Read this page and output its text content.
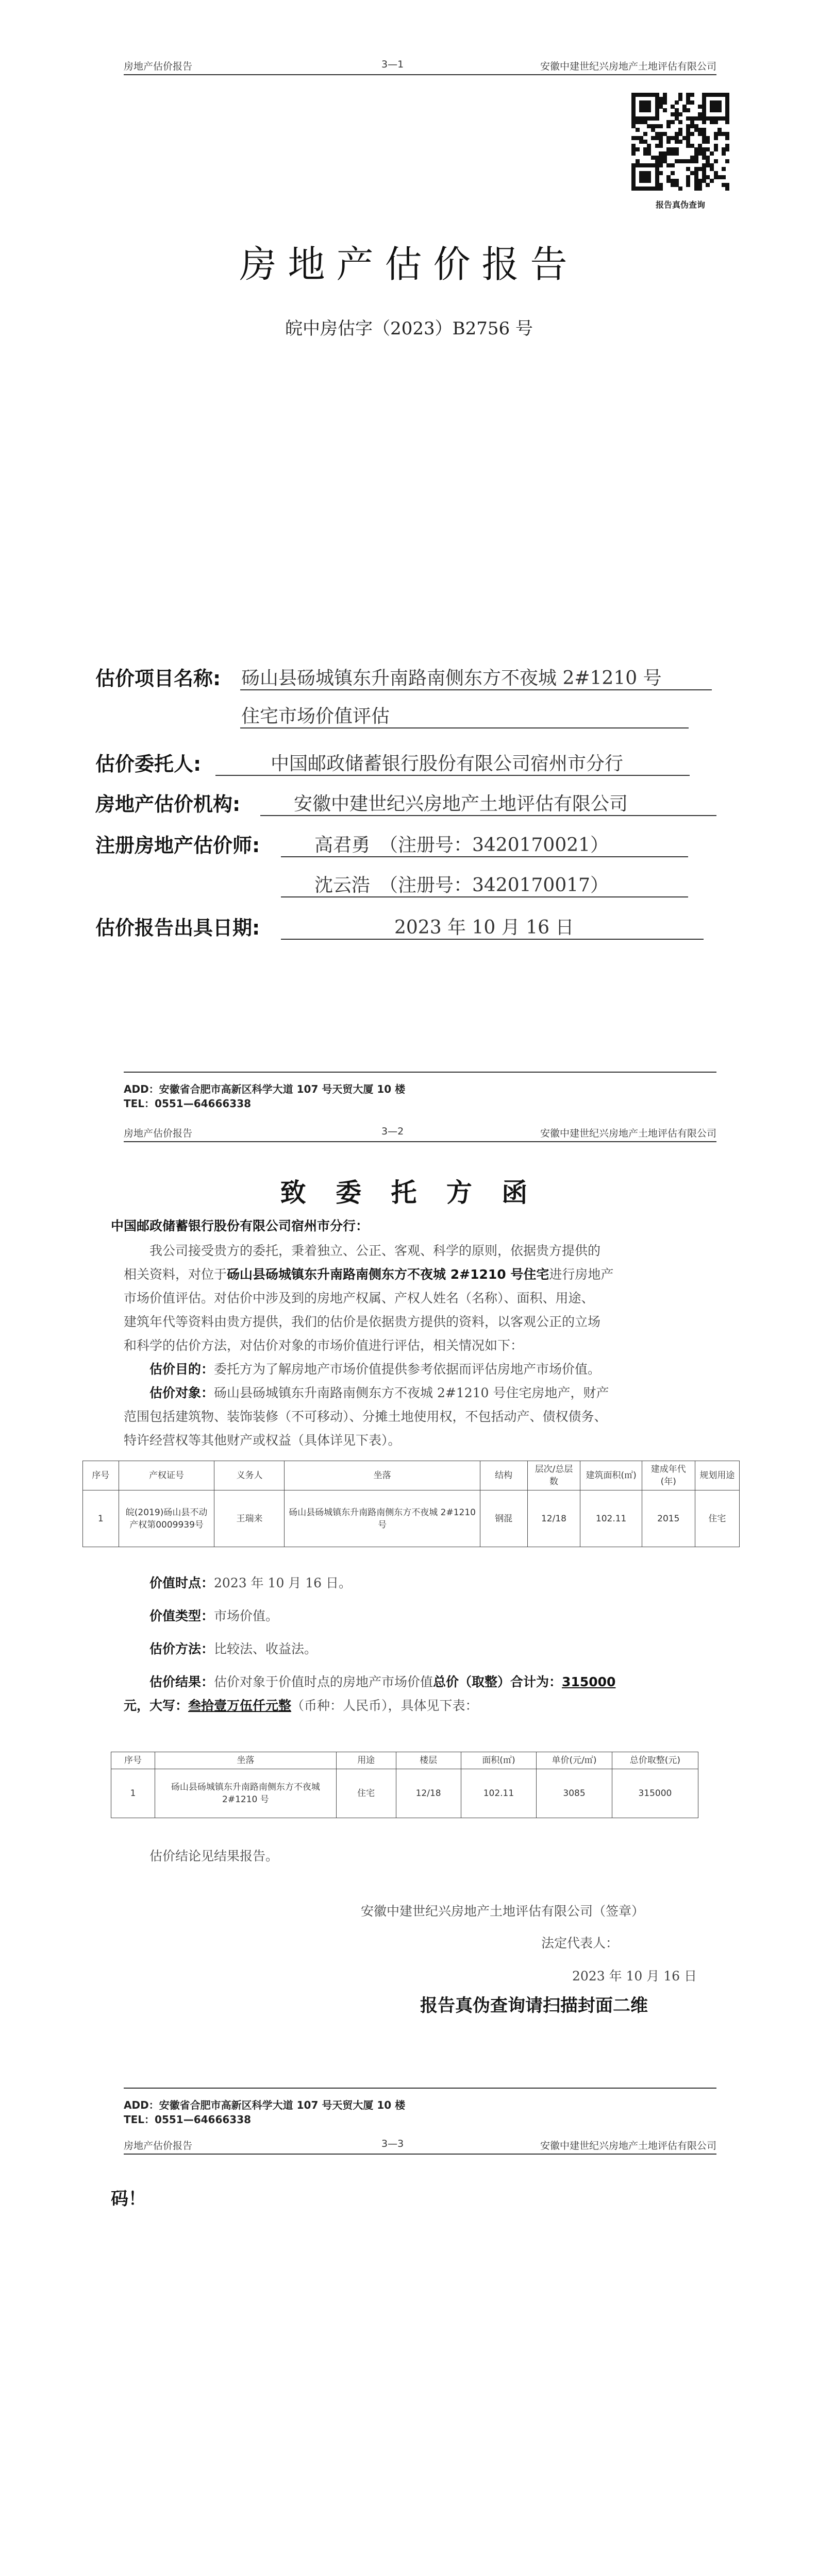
房地产估价报告	3—1	安徽中建世纪兴房地产土地评估有限公司
报告真伪查询
房地产估价报告
皖中房估字（2023）B2756 号
估价项目名称: 砀山县砀城镇东升南路南侧东方不夜城 2#1210 号
住宅市场价值评估
估价委托人:	中国邮政储蓄银行股份有限公司宿州市分行
房地产估价机构:	安徽中建世纪兴房地产土地评估有限公司
注册房地产估价师:	高君勇　（注册号：3420170021）
沈云浩　（注册号：3420170017）
估价报告出具日期:	2023 年 10 月 16 日
ADD：安徽省合肥市高新区科学大道 107 号天贸大厦 10 楼
TEL：0551—64666338
房地产估价报告	3—2	安徽中建世纪兴房地产土地评估有限公司
致 委 托 方 函
中国邮政储蓄银行股份有限公司宿州市分行：
我公司接受贵方的委托，秉着独立、公正、客观、科学的原则，依据贵方提供的
相关资料，对位于砀山县砀城镇东升南路南侧东方不夜城 2#1210 号住宅进行房地产
市场价值评估。对估价中涉及到的房地产权属、产权人姓名（名称）、面积、用途、
建筑年代等资料由贵方提供，我们的估价是依据贵方提供的资料，以客观公正的立场
和科学的估价方法，对估价对象的市场价值进行评估，相关情况如下：
估价目的：委托方为了解房地产市场价值提供参考依据而评估房地产市场价值。
估价对象：砀山县砀城镇东升南路南侧东方不夜城 2#1210 号住宅房地产，财产
范围包括建筑物、装饰装修（不可移动）、分摊土地使用权，不包括动产、债权债务、
特许经营权等其他财产或权益（具体详见下表）。
序号	产权证号	义务人	坐落	结构	层次/总层数	建筑面积(㎡)	建成年代(年)	规划用途
1	皖(2019)砀山县不动产权第0009939号	王瑞来	砀山县砀城镇东升南路南侧东方不夜城 2#1210 号	钢混	12/18	102.11	2015	住宅
价值时点：2023 年 10 月 16 日。
价值类型：市场价值。
估价方法：比较法、收益法。
估价结果：估价对象于价值时点的房地产市场价值总价（取整）合计为：315000
元，大写：叁拾壹万伍仟元整（币种：人民币），具体见下表：
序号	坐落	用途	楼层	面积(㎡)	单价(元/㎡)	总价取整(元)
1	砀山县砀城镇东升南路南侧东方不夜城 2#1210 号	住宅	12/18	102.11	3085	315000
估价结论见结果报告。
安徽中建世纪兴房地产土地评估有限公司（签章）
法定代表人：
2023 年 10 月 16 日
报告真伪查询请扫描封面二维
ADD：安徽省合肥市高新区科学大道 107 号天贸大厦 10 楼
TEL：0551—64666338
房地产估价报告	3—3	安徽中建世纪兴房地产土地评估有限公司
码！
